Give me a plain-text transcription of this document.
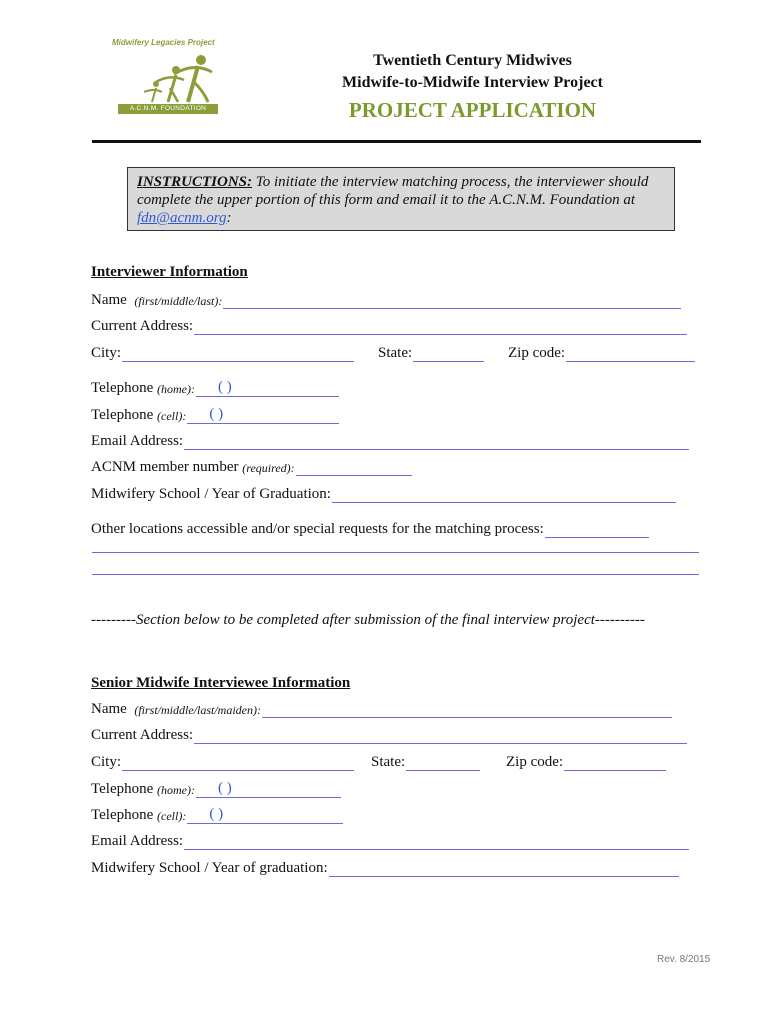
Midwifery Legacies Project
A.C.N.M. FOUNDATION
Twentieth Century Midwives
Midwife-to-Midwife Interview Project
PROJECT APPLICATION
INSTRUCTIONS: To initiate the interview matching process, the interviewer should complete the upper portion of this form and email it to the A.C.N.M. Foundation at fdn@acnm.org:
Interviewer Information
Name
(first/middle/last):
Current Address:
City:	State:	Zip code:
Telephone
(home): ( )
Telephone
(cell): ( )
Email Address:
ACNM member number
(required):
Midwifery School / Year of Graduation:
Other locations accessible and/or special requests for the matching process:
---------Section below to be completed after submission of the final interview project----------
Senior Midwife Interviewee Information
Name
(first/middle/last/maiden):
Current Address:
City:	State:	Zip code:
Telephone
(home): ( )
Telephone
(cell): ( )
Email Address:
Midwifery School / Year of graduation:
Rev. 8/2015
